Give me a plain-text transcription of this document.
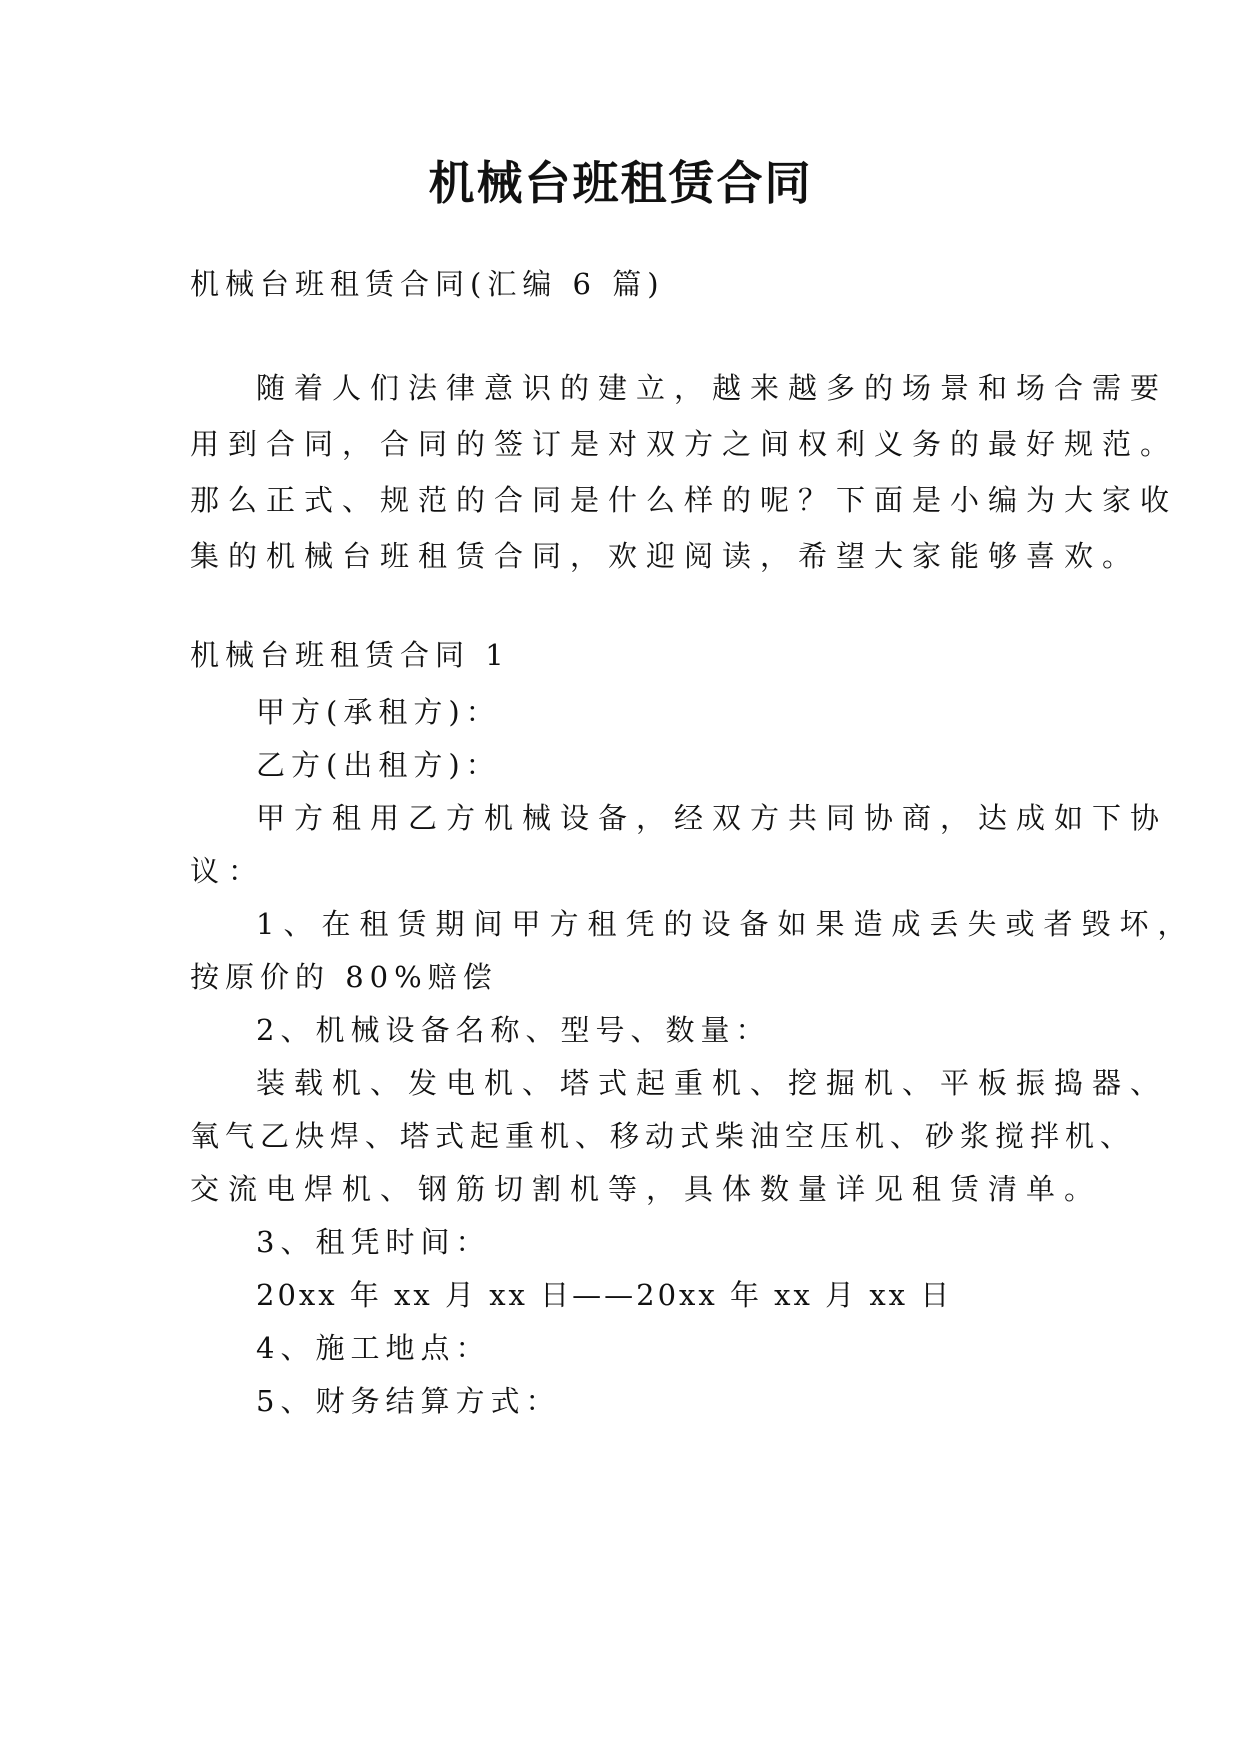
机械台班租赁合同

机械台班租赁合同(汇编 6 篇)

随着人们法律意识的建立，越来越多的场景和场合需要

用到合同，合同的签订是对双方之间权利义务的最好规范。

那么正式、规范的合同是什么样的呢？下面是小编为大家收

集的机械台班租赁合同，欢迎阅读，希望大家能够喜欢。

机械台班租赁合同 1

甲方(承租方)：

乙方(出租方)：

甲方租用乙方机械设备，经双方共同协商，达成如下协

议：

1、在租赁期间甲方租凭的设备如果造成丢失或者毁坏，

按原价的 80%赔偿

2、机械设备名称、型号、数量：

装载机、发电机、塔式起重机、挖掘机、平板振捣器、

氧气乙炔焊、塔式起重机、移动式柴油空压机、砂浆搅拌机、

交流电焊机、钢筋切割机等，具体数量详见租赁清单。

3、租凭时间：

20xx 年 xx 月 xx 日——20xx 年 xx 月 xx 日

4、施工地点：

5、财务结算方式：
